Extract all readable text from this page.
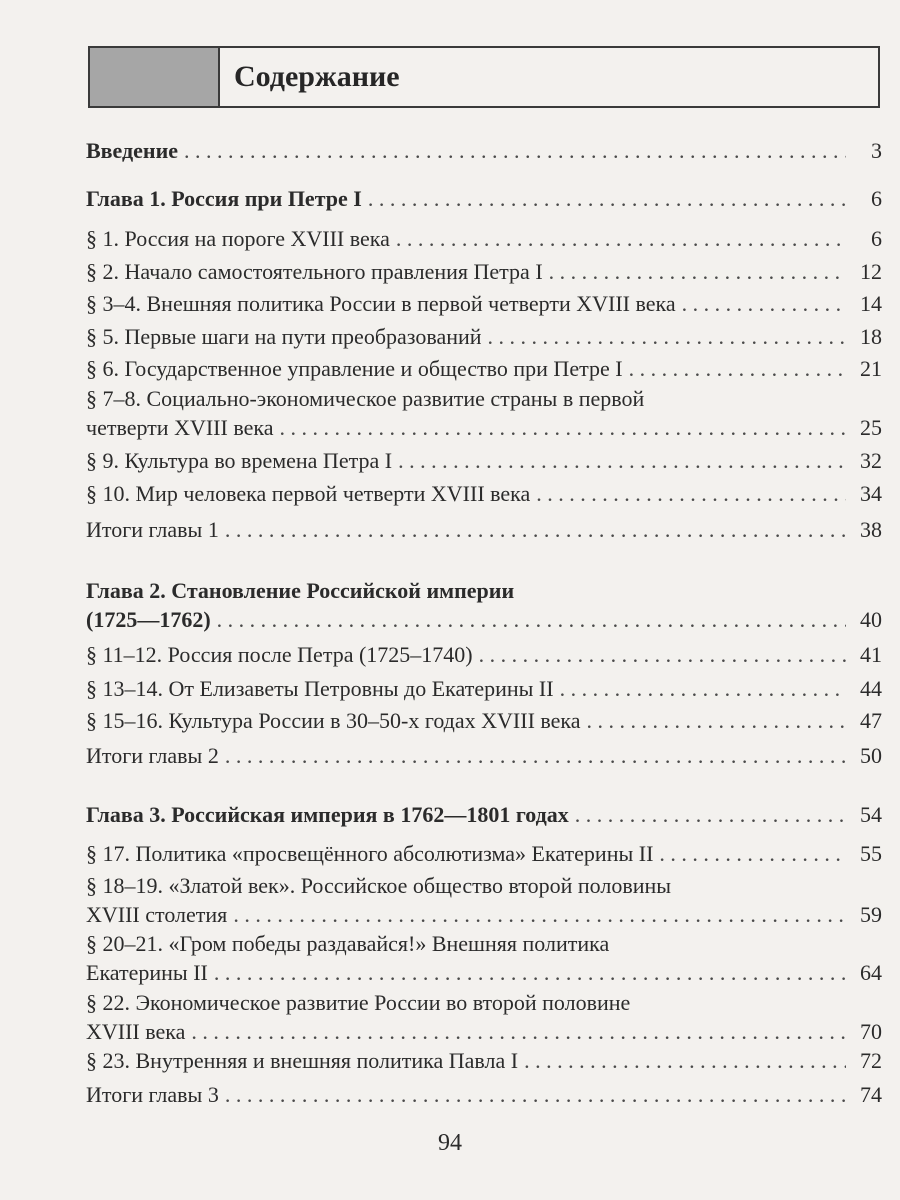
Содержание
Введение . . .	3
Глава 1. Россия при Петре I . . .	6
§ 1. Россия на пороге XVIII века . . .	6
§ 2. Начало самостоятельного правления Петра I . . .	12
§ 3–4. Внешняя политика России в первой четверти XVIII века . . .	14
§ 5. Первые шаги на пути преобразований . . .	18
§ 6. Государственное управление и общество при Петре I . . .	21
§ 7–8. Социально-экономическое развитие страны в первой
четверти XVIII века . . .	25
§ 9. Культура во времена Петра I . . .	32
§ 10. Мир человека первой четверти XVIII века . . .	34
Итоги главы 1 . . .	38
Глава 2. Становление Российской империи
(1725—1762) . . .	40
§ 11–12. Россия после Петра (1725–1740) . . .	41
§ 13–14. От Елизаветы Петровны до Екатерины II . . .	44
§ 15–16. Культура России в 30–50-х годах XVIII века . . .	47
Итоги главы 2 . . .	50
Глава 3. Российская империя в 1762—1801 годах . . .	54
§ 17. Политика «просвещённого абсолютизма» Екатерины II . . .	55
§ 18–19. «Златой век». Российское общество второй половины
XVIII столетия . . .	59
§ 20–21. «Гром победы раздавайся!» Внешняя политика
Екатерины II . . .	64
§ 22. Экономическое развитие России во второй половине
XVIII века . . .	70
§ 23. Внутренняя и внешняя политика Павла I . . .	72
Итоги главы 3 . . .	74
94
